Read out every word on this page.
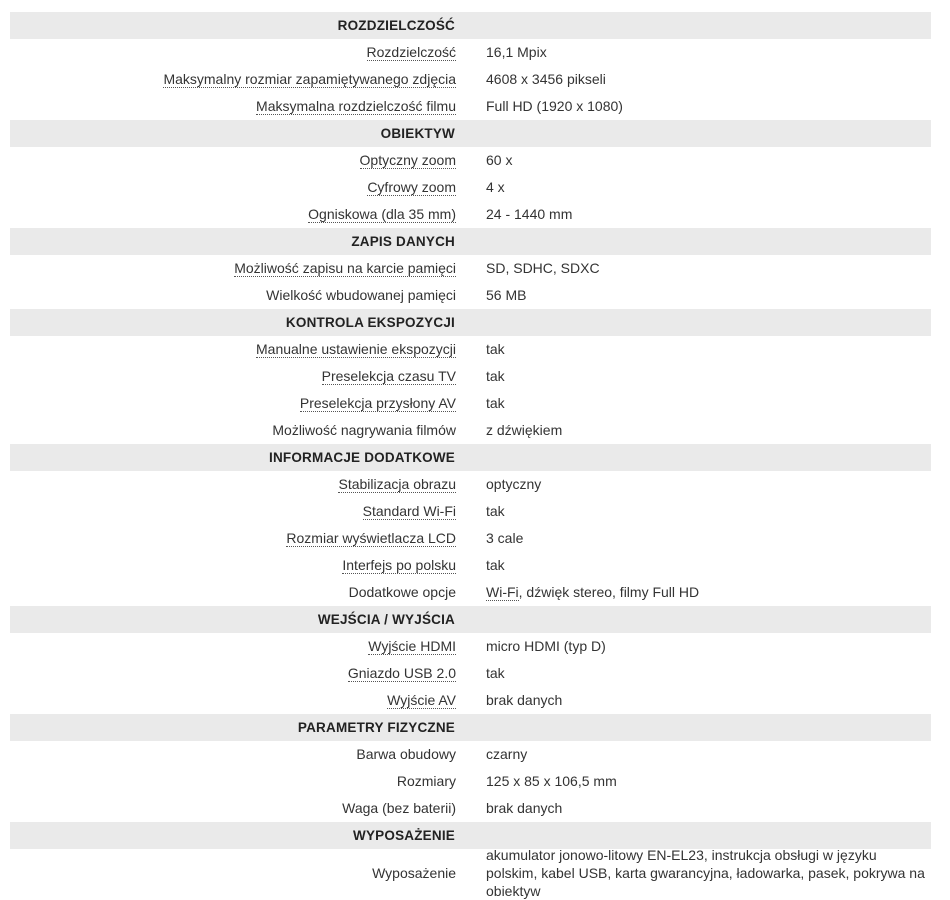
ROZDZIELCZOŚĆ
Rozdzielczość 16,1 Mpix
Maksymalny rozmiar zapamiętywanego zdjęcia 4608 x 3456 pikseli
Maksymalna rozdzielczość filmu Full HD (1920 x 1080)
OBIEKTYW
Optyczny zoom 60 x
Cyfrowy zoom 4 x
Ogniskowa (dla 35 mm) 24 - 1440 mm
ZAPIS DANYCH
Możliwość zapisu na karcie pamięci SD, SDHC, SDXC
Wielkość wbudowanej pamięci 56 MB
KONTROLA EKSPOZYCJI
Manualne ustawienie ekspozycji tak
Preselekcja czasu TV tak
Preselekcja przysłony AV tak
Możliwość nagrywania filmów z dźwiękiem
INFORMACJE DODATKOWE
Stabilizacja obrazu optyczny
Standard Wi-Fi tak
Rozmiar wyświetlacza LCD 3 cale
Interfejs po polsku tak
Dodatkowe opcje Wi-Fi, dźwięk stereo, filmy Full HD
WEJŚCIA / WYJŚCIA
Wyjście HDMI micro HDMI (typ D)
Gniazdo USB 2.0 tak
Wyjście AV brak danych
PARAMETRY FIZYCZNE
Barwa obudowy czarny
Rozmiary 125 x 85 x 106,5 mm
Waga (bez baterii) brak danych
WYPOSAŻENIE
Wyposażenie
akumulator jonowo-litowy EN-EL23, instrukcja obsługi w języku polskim, kabel USB, karta gwarancyjna, ładowarka, pasek, pokrywa na obiektyw
